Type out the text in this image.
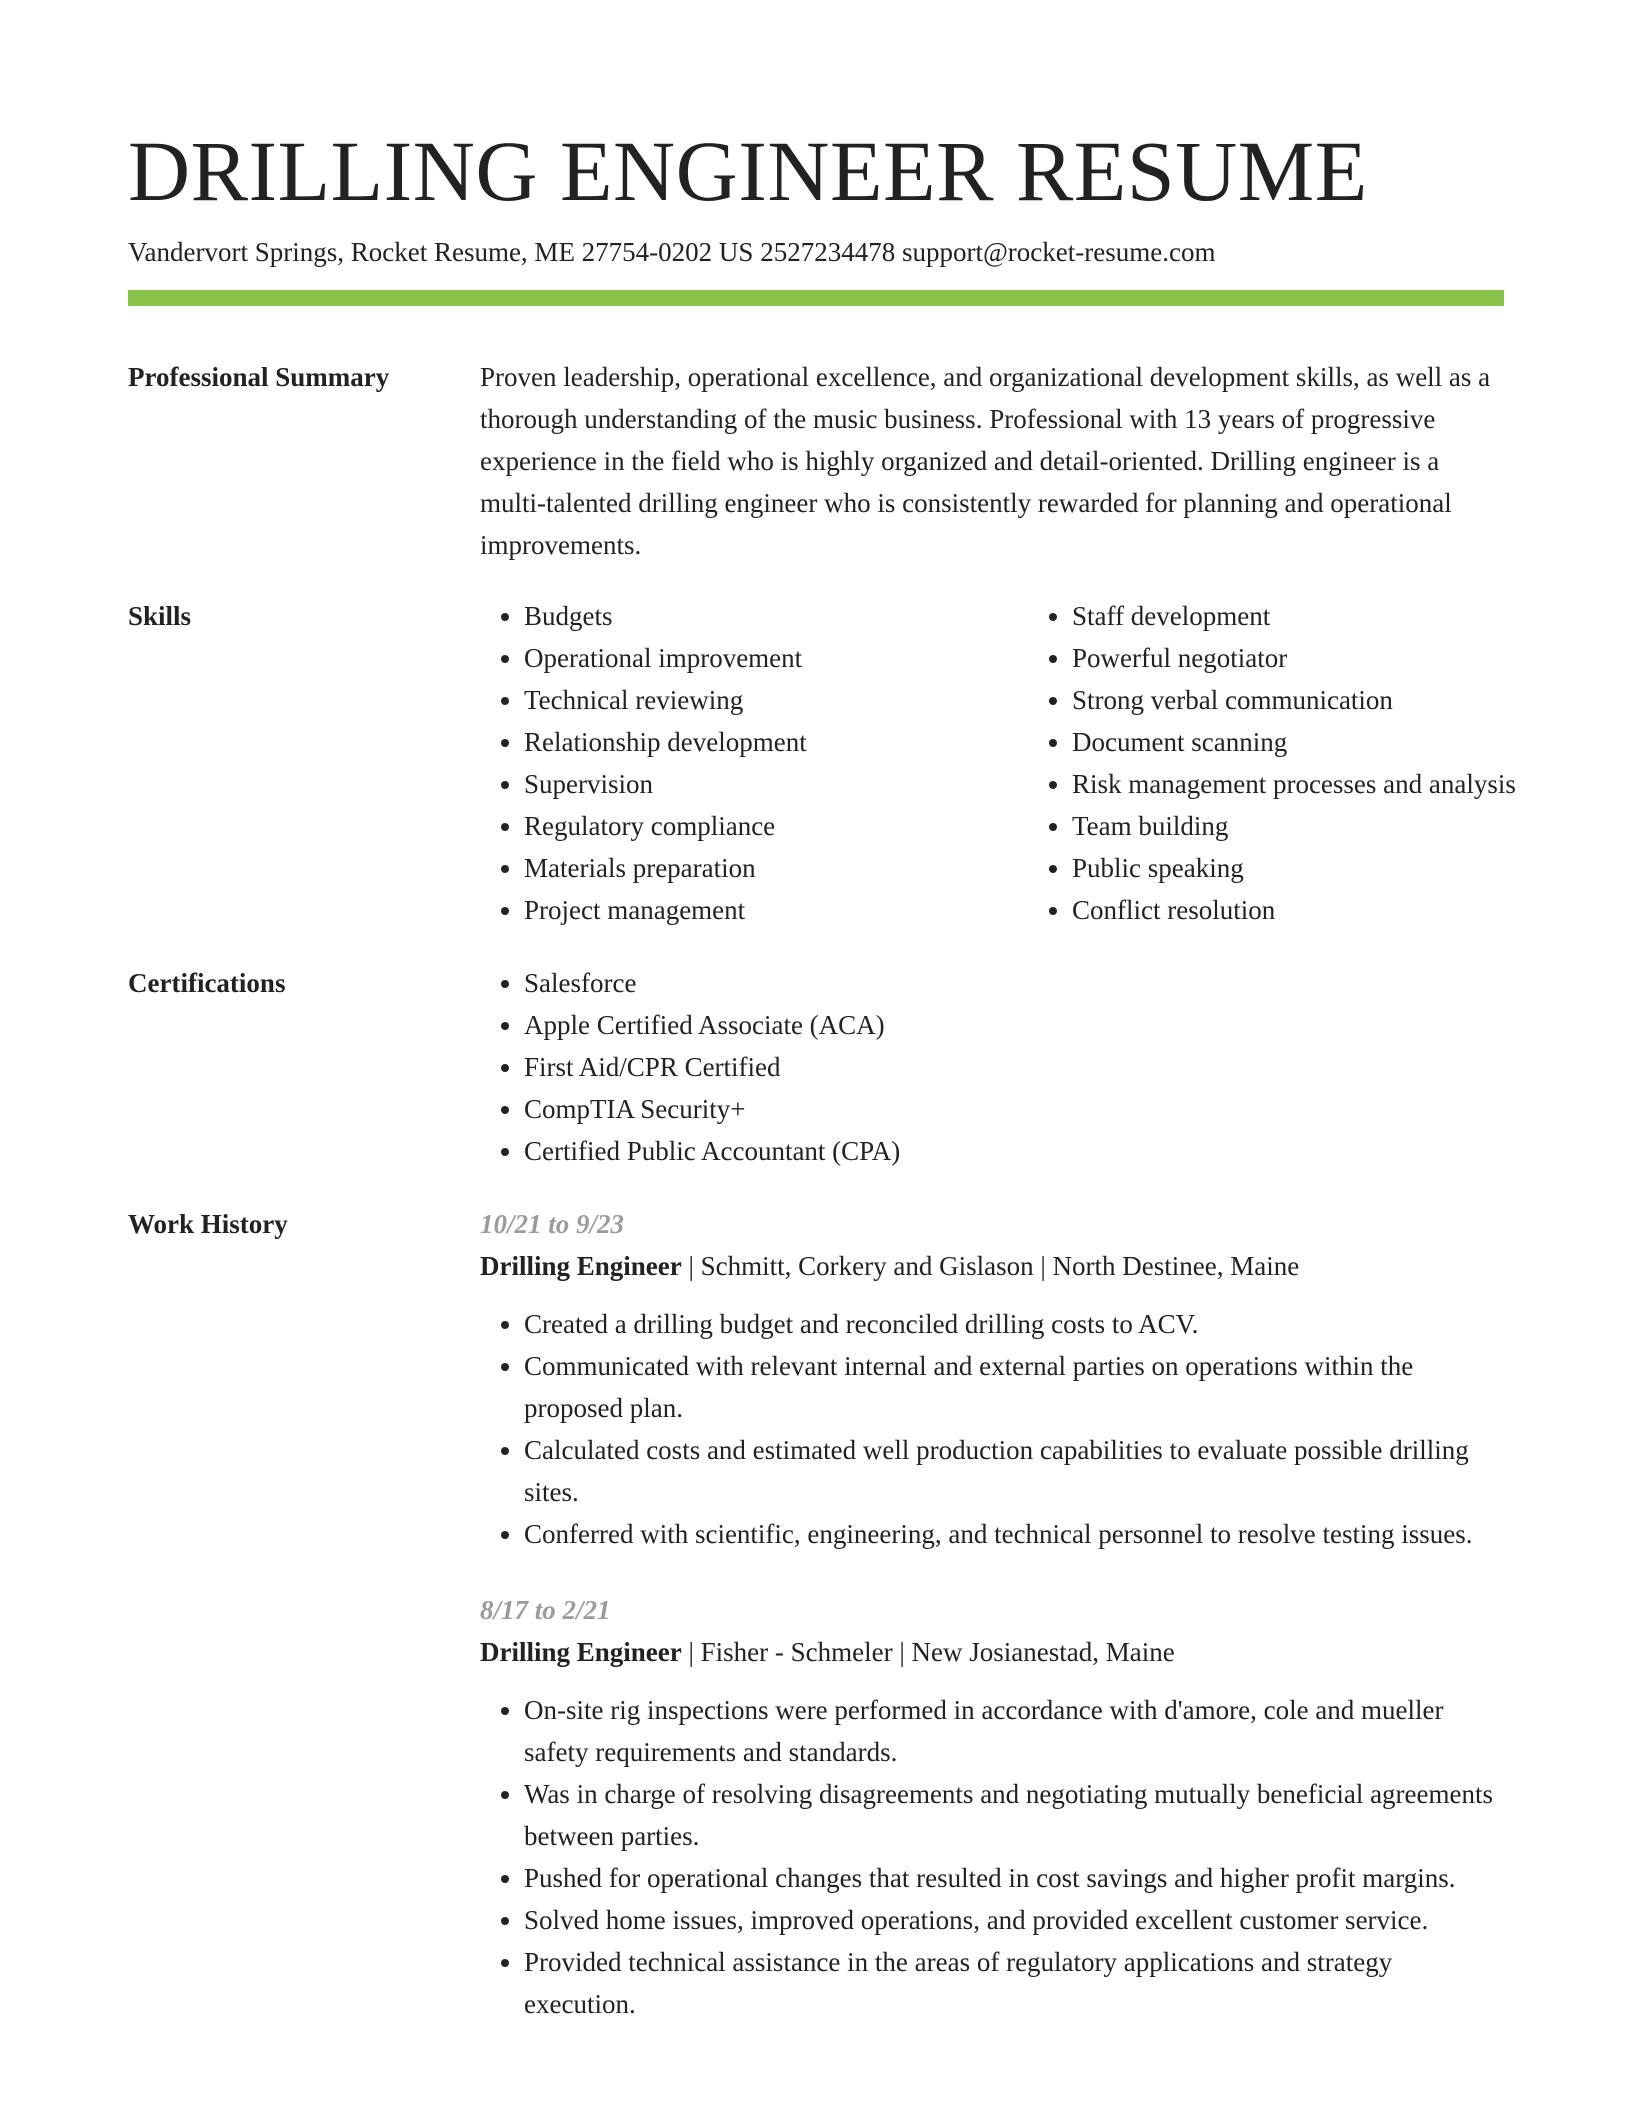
DRILLING ENGINEER RESUME
Vandervort Springs, Rocket Resume, ME 27754-0202 US 2527234478 support@rocket-resume.com
Professional Summary	Proven leadership, operational excellence, and organizational development skills, as well as a thorough understanding of the music business. Professional with 13 years of progressive experience in the field who is highly organized and detail-oriented. Drilling engineer is a multi-talented drilling engineer who is consistently rewarded for planning and operational improvements.

Skills	• Budgets
• Operational improvement
• Technical reviewing
• Relationship development
• Supervision
• Regulatory compliance
• Materials preparation
• Project management
• Staff development
• Powerful negotiator
• Strong verbal communication
• Document scanning
• Risk management processes and analysis
• Team building
• Public speaking
• Conflict resolution
Certifications	• Salesforce
• Apple Certified Associate (ACA)
• First Aid/CPR Certified
• CompTIA Security+
• Certified Public Accountant (CPA)
Work History	10/21 to 9/23
Drilling Engineer | Schmitt, Corkery and Gislason | North Destinee, Maine
• Created a drilling budget and reconciled drilling costs to ACV.
• Communicated with relevant internal and external parties on operations within the proposed plan.
• Calculated costs and estimated well production capabilities to evaluate possible drilling sites.
• Conferred with scientific, engineering, and technical personnel to resolve testing issues.
8/17 to 2/21
Drilling Engineer | Fisher - Schmeler | New Josianestad, Maine
• On-site rig inspections were performed in accordance with d'amore, cole and mueller safety requirements and standards.
• Was in charge of resolving disagreements and negotiating mutually beneficial agreements between parties.
• Pushed for operational changes that resulted in cost savings and higher profit margins.
• Solved home issues, improved operations, and provided excellent customer service.
• Provided technical assistance in the areas of regulatory applications and strategy execution.
